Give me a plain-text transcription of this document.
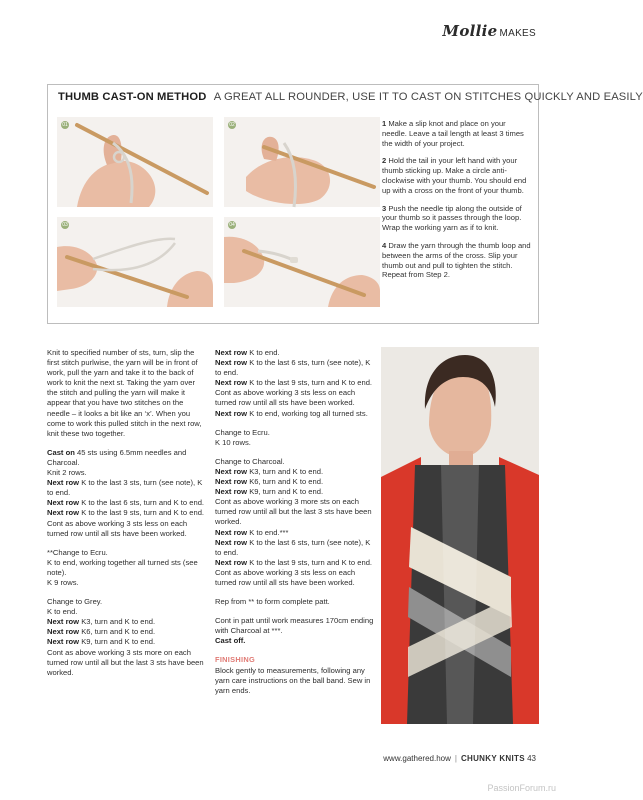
Mollie MAKES
THUMB CAST-ON METHOD A GREAT ALL ROUNDER, USE IT TO CAST ON STITCHES QUICKLY AND EASILY
01	02
03	04

1 Make a slip knot and place on your needle. Leave a tail length at least 3 times the width of your project.

2 Hold the tail in your left hand with your thumb sticking up. Make a circle anti-clockwise with your thumb. You should end up with a cross on the front of your thumb.

3 Push the needle tip along the outside of your thumb so it passes through the loop. Wrap the working yarn as if to knit.

4 Draw the yarn through the thumb loop and between the arms of the cross. Slip your thumb out and pull to tighten the stitch. Repeat from Step 2.

Knit to specified number of sts, turn, slip the first stitch purlwise, the yarn will be in front of work, pull the yarn and take it to the back of work to knit the next st. Taking the yarn over the stitch and pulling the yarn will make it appear that you have two stitches on the needle – it looks a bit like an ‘x’. When you come to work this pulled stitch in the next row, knit these two together.

Cast on 45 sts using 6.5mm needles and Charcoal.
Knit 2 rows.
Next row K to the last 3 sts, turn (see note), K to end.
Next row K to the last 6 sts, turn and K to end.
Next row K to the last 9 sts, turn and K to end.
Cont as above working 3 sts less on each turned row until all sts have been worked.

**Change to Ecru.
K to end, working together all turned sts (see note).
K 9 rows.

Change to Grey.
K to end.
Next row K3, turn and K to end.
Next row K6, turn and K to end.
Next row K9, turn and K to end.
Cont as above working 3 sts more on each turned row until all but the last 3 sts have been worked.

Next row K to end.
Next row K to the last 6 sts, turn (see note), K to end.
Next row K to the last 9 sts, turn and K to end.
Cont as above working 3 sts less on each turned row until all sts have been worked.
Next row K to end, working tog all turned sts.

Change to Ecru.
K 10 rows.

Change to Charcoal.
Next row K3, turn and K to end.
Next row K6, turn and K to end.
Next row K9, turn and K to end.
Cont as above working 3 more sts on each turned row until all but the last 3 sts have been worked.
Next row K to end.***
Next row K to the last 6 sts, turn (see note), K to end.
Next row K to the last 9 sts, turn and K to end.
Cont as above working 3 sts less on each turned row until all sts have been worked.

Rep from ** to form complete patt.

Cont in patt until work measures 170cm ending with Charcoal at ***.
Cast off.

FINISHING
Block gently to measurements, following any yarn care instructions on the ball band. Sew in yarn ends.

www.gathered.how | CHUNKY KNITS 43
PassionForum.ru
